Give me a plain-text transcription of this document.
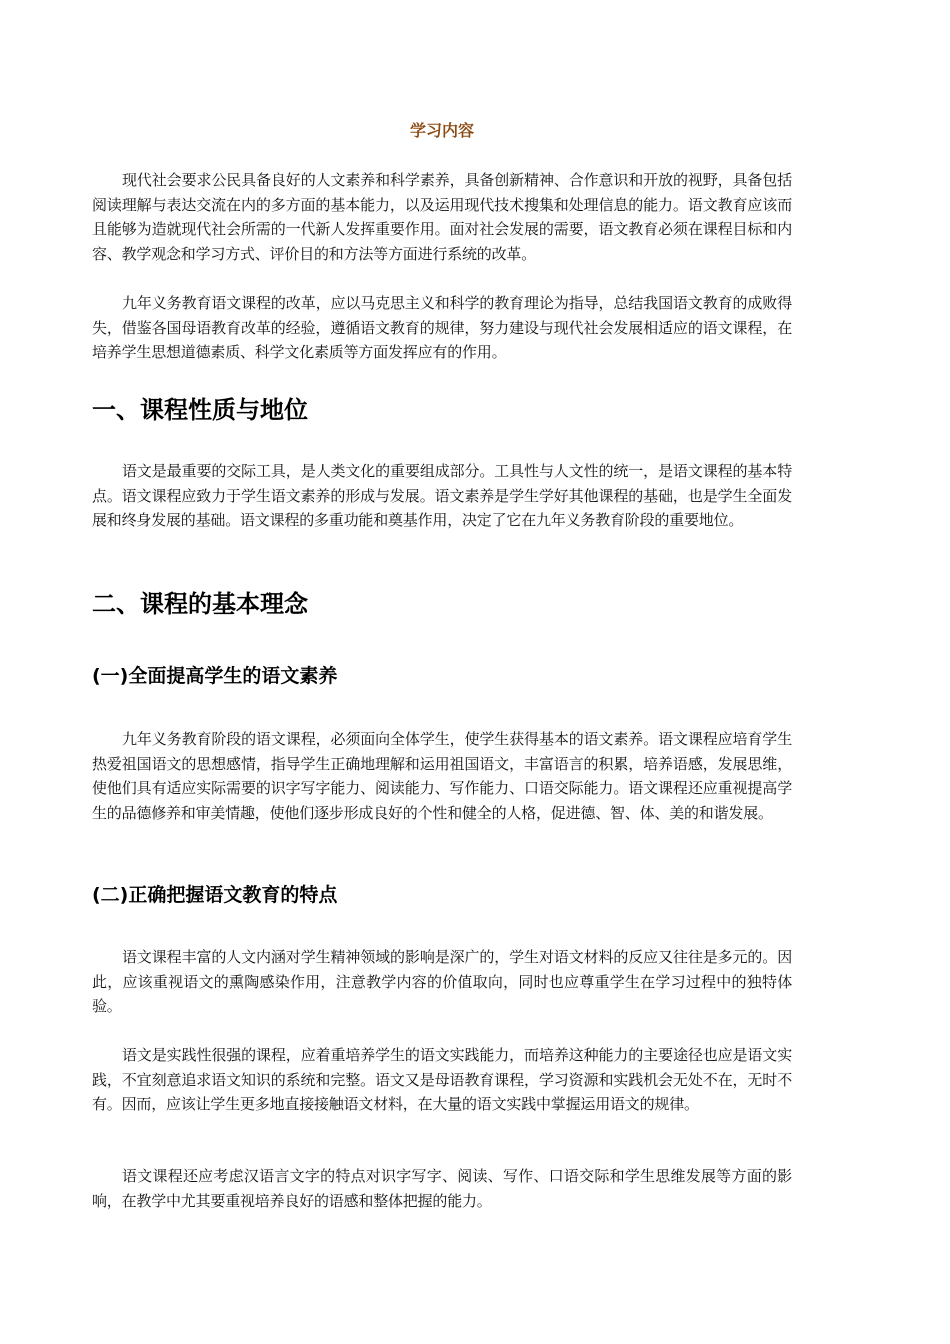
学习内容

现代社会要求公民具备良好的人文素养和科学素养，具备创新精神、合作意识和开放的视野，具备包括阅读理解与表达交流在内的多方面的基本能力，以及运用现代技术搜集和处理信息的能力。语文教育应该而且能够为造就现代社会所需的一代新人发挥重要作用。面对社会发展的需要，语文教育必须在课程目标和内容、教学观念和学习方式、评价目的和方法等方面进行系统的改革。

九年义务教育语文课程的改革，应以马克思主义和科学的教育理论为指导，总结我国语文教育的成败得失，借鉴各国母语教育改革的经验，遵循语文教育的规律，努力建设与现代社会发展相适应的语文课程，在培养学生思想道德素质、科学文化素质等方面发挥应有的作用。

一、课程性质与地位

语文是最重要的交际工具，是人类文化的重要组成部分。工具性与人文性的统一，是语文课程的基本特点。语文课程应致力于学生语文素养的形成与发展。语文素养是学生学好其他课程的基础，也是学生全面发展和终身发展的基础。语文课程的多重功能和奠基作用，决定了它在九年义务教育阶段的重要地位。

二、课程的基本理念
(一)全面提高学生的语文素养

九年义务教育阶段的语文课程，必须面向全体学生，使学生获得基本的语文素养。语文课程应培育学生热爱祖国语文的思想感情，指导学生正确地理解和运用祖国语文，丰富语言的积累，培养语感，发展思维，使他们具有适应实际需要的识字写字能力、阅读能力、写作能力、口语交际能力。语文课程还应重视提高学生的品德修养和审美情趣，使他们逐步形成良好的个性和健全的人格，促进德、智、体、美的和谐发展。

(二)正确把握语文教育的特点

语文课程丰富的人文内涵对学生精神领域的影响是深广的，学生对语文材料的反应又往往是多元的。因此，应该重视语文的熏陶感染作用，注意教学内容的价值取向，同时也应尊重学生在学习过程中的独特体验。

语文是实践性很强的课程，应着重培养学生的语文实践能力，而培养这种能力的主要途径也应是语文实践，不宜刻意追求语文知识的系统和完整。语文又是母语教育课程，学习资源和实践机会无处不在，无时不有。因而，应该让学生更多地直接接触语文材料，在大量的语文实践中掌握运用语文的规律。

语文课程还应考虑汉语言文字的特点对识字写字、阅读、写作、口语交际和学生思维发展等方面的影响，在教学中尤其要重视培养良好的语感和整体把握的能力。
